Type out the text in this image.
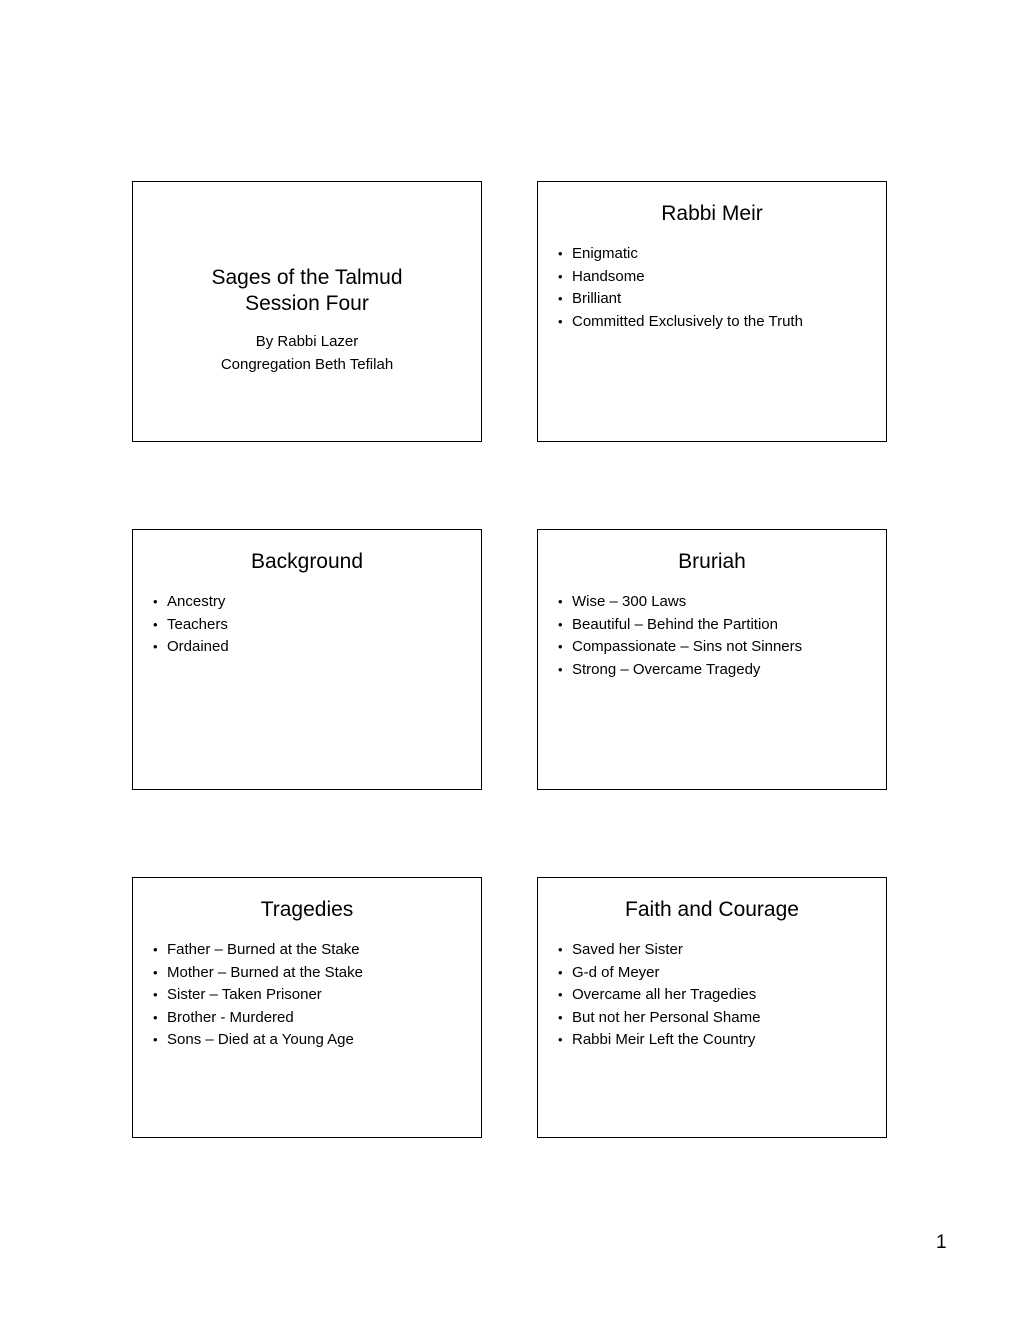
Sages of the Talmud
Session Four
By Rabbi Lazer
Congregation Beth Tefilah
Rabbi Meir
• Enigmatic
• Handsome
• Brilliant
• Committed Exclusively to the Truth
Background
• Ancestry
• Teachers
• Ordained
Bruriah
• Wise – 300 Laws
• Beautiful – Behind the Partition
• Compassionate – Sins not Sinners
• Strong – Overcame Tragedy
Tragedies
• Father – Burned at the Stake
• Mother – Burned at the Stake
• Sister – Taken Prisoner
• Brother - Murdered
• Sons – Died at a Young Age
Faith and Courage
• Saved her Sister
• G-d of Meyer
• Overcame all her Tragedies
• But not her Personal Shame
• Rabbi Meir Left the Country
1
